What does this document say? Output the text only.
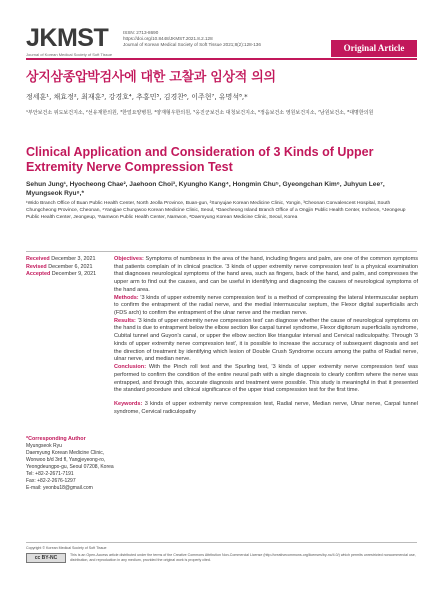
JKMST
Journal of Korean Medical Society of Soft Tissue
ISSN: 2713-8690
https://doi.org/10.8448/JKMST.2021.8.2.128
Journal of Korean Medical Society of Soft Tissue 2021;8(2):128-136	Original Article
상지삼종압박검사에 대한 고찰과 임상적 의의
정세훈¹, 채효정², 최재훈³, 강경호⁴, 추홍민⁵, 김경찬⁶, 이주현⁷, 유명석⁸,*
¹부안보건소 위도보건지소, ²선유재한의원, ³한얼요양병원, ⁴양재형우한의원, ⁵옹진군보건소 대청보건지소, ⁶정읍보건소 영원보건지소, ⁷남원보건소, ⁸대명한의원
Clinical Application and Consideration of 3 Kinds of Upper Extremity Nerve Compression Test
Sehun Jung¹, Hyocheong Chae², Jaehoon Choi³, Kyungho Kang⁴, Hongmin Chu⁵, Gyeongchan Kim⁶, Juhyun Lee⁷, Myungseok Ryu⁸,*
¹Wido Branch Office of Buan Public Health Center, North Jeolla Province, Buan-gun, ²Sunyujae Korean Medicine Clinic, Yongin, ³Cheonan Convalescent Hospital, South Chungcheong Province, Cheonan, ⁴Yangjae Chungwoo Korean Medicine Clinic, Seoul, ⁵Daecheong Island Branch Office of a Ongjin Public Health Center, Incheon, ⁶Jeongeup Public Health Center, Jeongeup, ⁷Namwon Public Health Center, Namwon, ⁸Daemyung Korean Medicine Clinic, Seoul, Korea
Received December 3, 2021
Revised December 6, 2021
Accepted December 9, 2021
*Corresponding Author
Myungseok Ryu
Daemyung Korean Medicine Clinic,
Wonwoo b/d 3rd fl, Yangjeyeong-ro,
Yeongdeungpo-gu, Seoul 07208, Korea
Tel: +82-2-2671-7191
Fax: +82-2-2676-1297
E-mail: yeonbu18@gmail.com

Objectives: Symptoms of numbness in the area of the hand, including fingers and palm, are one of the common symptoms that patients complain of in clinical practice. '3 kinds of upper extremity nerve compression test' is a physical examination that diagnoses neurological symptoms of the hand area, such as fingers, back of the hand, and palm, and compresses the upper arm to find out the causes, and can be useful in identifying and diagnosing the causes of neurological symptoms of the hand area.

Methods: '3 kinds of upper extremity nerve compression test' is a method of compressing the lateral intermuscular septum to confirm the entrapment of the radial nerve, and the medial intermuscular septum, the Flexor digital superficialis arch (FDS arch) to confirm the entrapment of the ulnar nerve and the median nerve.

Results: '3 kinds of upper extremity nerve compression test' can diagnose whether the cause of neurological symptoms on the hand is due to entrapment below the elbow section like carpal tunnel syndrome, Flexor digitorum superficialis syndrome, Cubital tunnel and Guyon's canal, or upper the elbow section like triangular interval and Cervical radiculopathy. Through '3 kinds of upper extremity nerve compression test', it is possible to increase the accuracy of subsequent diagnosis and set the direction of treatment by identifying which lesion of Double Crush Syndrome occurs among the paths of Radial nerve, ulnar nerve, and median nerve.

Conclusion: With the Pinch roll test and the Spurling test, '3 kinds of upper extremity nerve compression test' was performed to confirm the condition of the entire neural path with a single diagnosis to clearly confirm where the nerve was entrapped, and through this, accurate diagnosis and treatment were possible. This study is meaningful in that it presented the standard procedure and clinical significance of the upper triad compression test for the first time.

Keywords: 3 kinds of upper extremity nerve compression test, Radial nerve, Median nerve, Ulnar nerve, Carpal tunnel syndrome, Cervical radiculopathy

Copyright © Korean Medical Society of Soft Tissue
cc BY-NC	This is an Open-Access article distributed under the terms of the Creative Commons Attribution Non-Commercial License (http://creativecommons.org/licenses/by-nc/4.0/) which permits unrestricted noncommercial use, distribution, and reproduction in any medium, provided the original work is properly cited.
